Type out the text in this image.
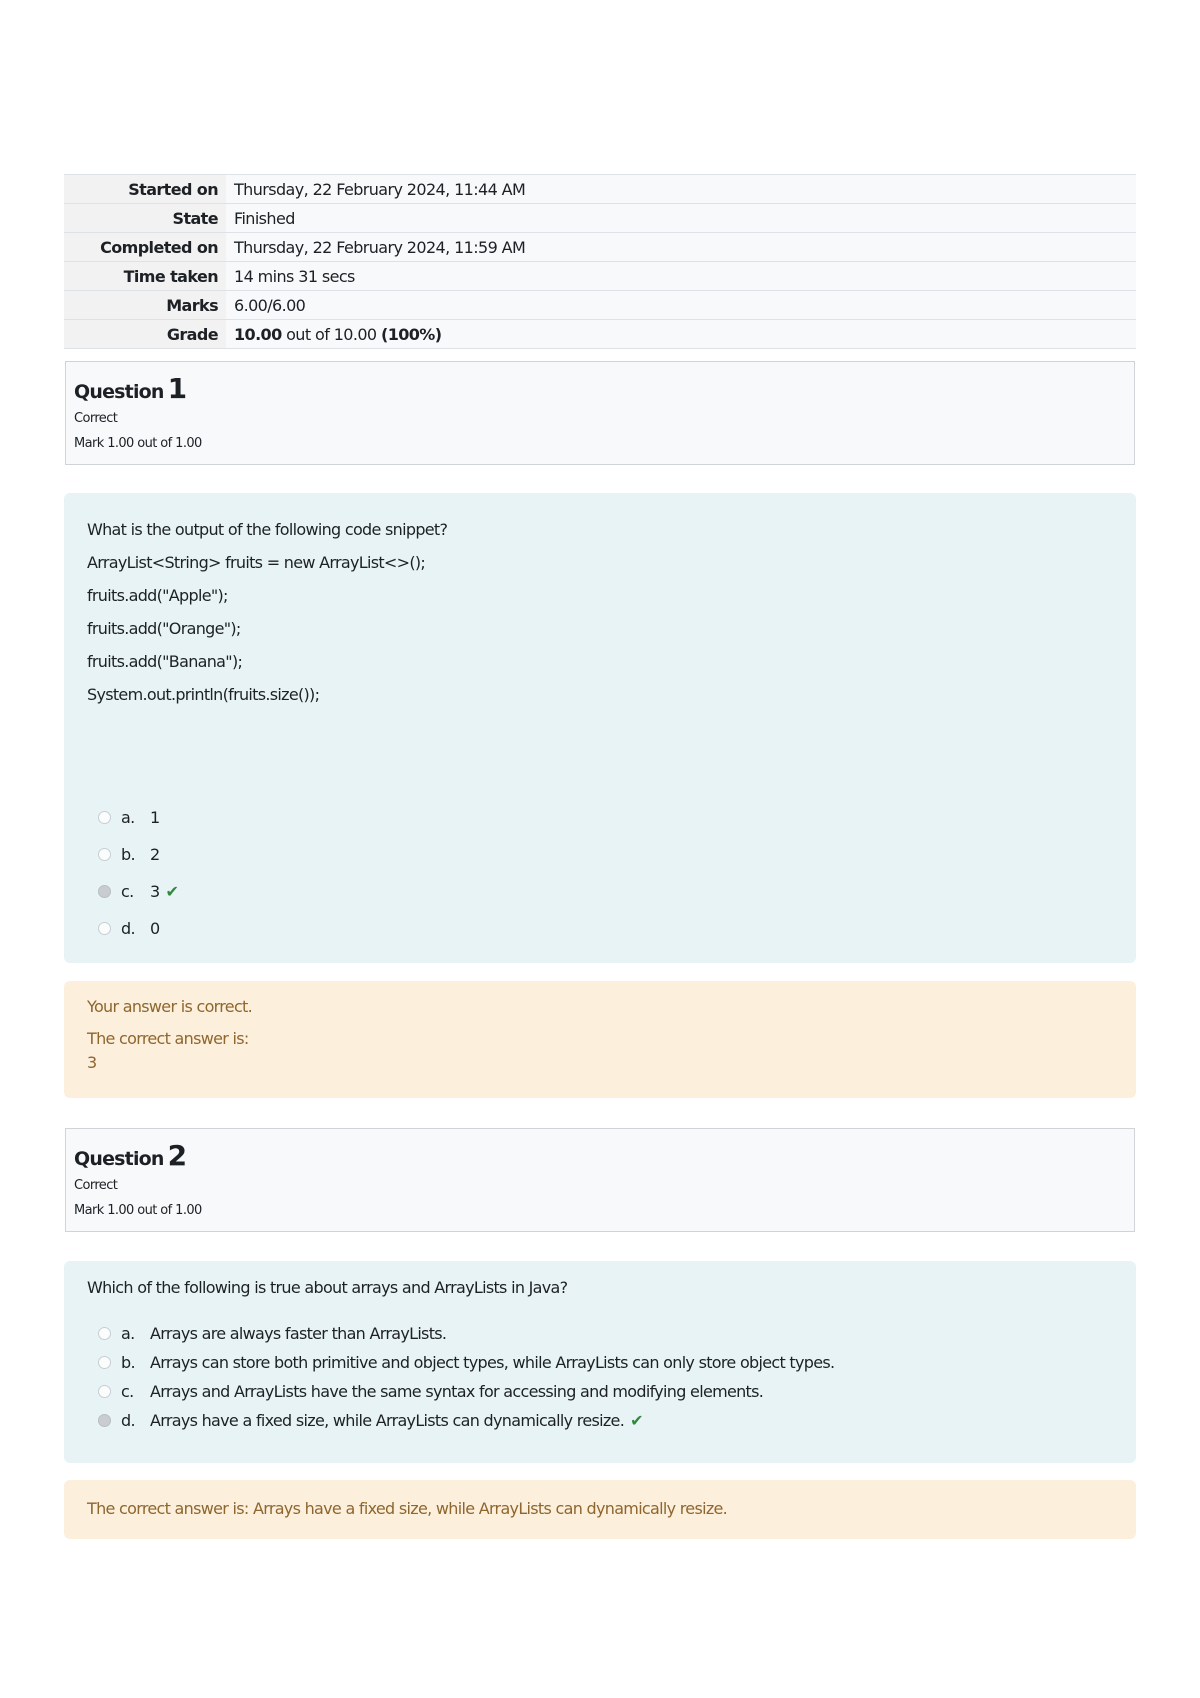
Started on	Thursday, 22 February 2024, 11:44 AM
State	Finished
Completed on	Thursday, 22 February 2024, 11:59 AM
Time taken	14 mins 31 secs
Marks	6.00/6.00
Grade	10.00 out of 10.00 (100%)
Question 1
Correct
Mark 1.00 out of 1.00
What is the output of the following code snippet?
ArrayList<String> fruits = new ArrayList<>();
fruits.add("Apple");
fruits.add("Orange");
fruits.add("Banana");
System.out.println(fruits.size());
a. 1
b. 2
c.	3 ✔
d. 0
Your answer is correct.
The correct answer is:
3
Question 2
Correct
Mark 1.00 out of 1.00
Which of the following is true about arrays and ArrayLists in Java?
a. Arrays are always faster than ArrayLists.
b. Arrays can store both primitive and object types, while ArrayLists can only store object types.
c.	Arrays and ArrayLists have the same syntax for accessing and modifying elements.
d. Arrays have a fixed size, while ArrayLists can dynamically resize. ✔
The correct answer is: Arrays have a fixed size, while ArrayLists can dynamically resize.
